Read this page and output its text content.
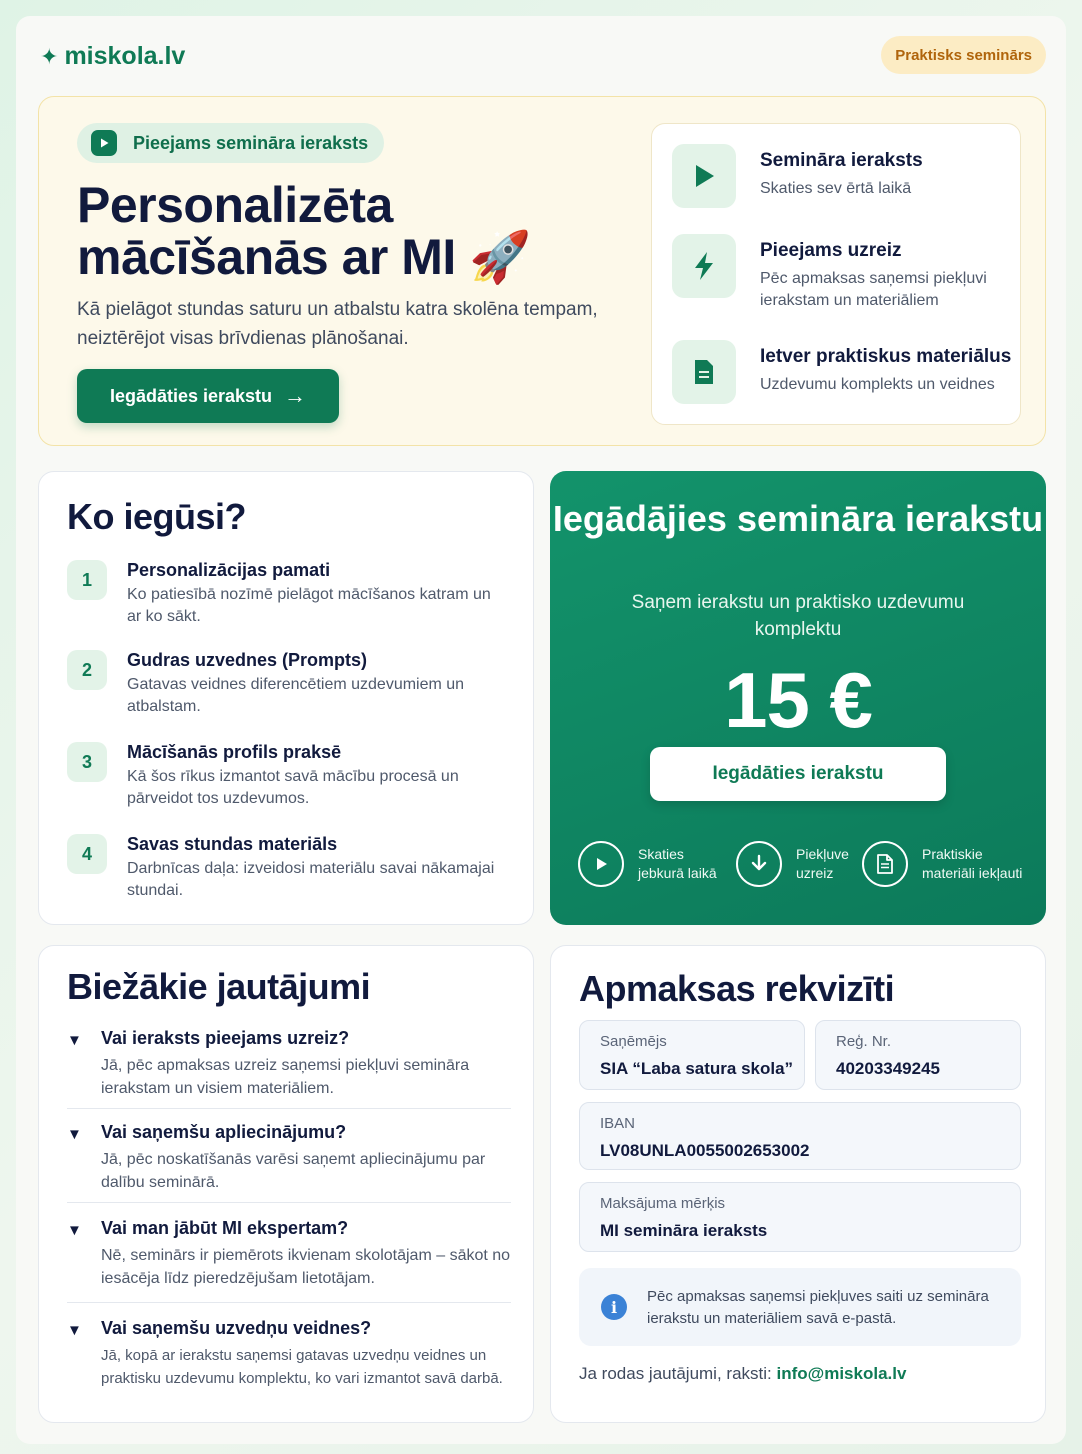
✦ miskola.lv	Praktisks seminārs
Pieejams semināra ieraksts
Personalizēta mācīšanās ar MI 🚀

Kā pielāgot stundas saturu un atbalstu katra skolēna tempam, neiztērējot visas brīvdienas plānošanai.

Iegādāties ierakstu →
Semināra ieraksts
Skaties sev ērtā laikā
Pieejams uzreiz
Pēc apmaksas saņemsi piekļuvi ierakstam un materiāliem
Ietver praktiskus materiālus
Uzdevumu komplekts un veidnes
Ko iegūsi?
1	Personalizācijas pamati
Ko patiesībā nozīmē pielāgot mācīšanos katram un ar ko sākt.
2	Gudras uzvednes (Prompts)
Gatavas veidnes diferencētiem uzdevumiem un atbalstam.
3	Mācīšanās profils praksē
Kā šos rīkus izmantot savā mācību procesā un pārveidot tos uzdevumos.
4	Savas stundas materiāls
Darbnīcas daļa: izveidosi materiālu savai nākamajai stundai.
Iegādājies semināra ierakstu

Saņem ierakstu un praktisko uzdevumu komplektu

15 €
Iegādāties ierakstu
Skaties jebkurā laikā
Piekļuve uzreiz
Praktiskie materiāli iekļauti
Biežākie jautājumi
▼ Vai ieraksts pieejams uzreiz?
Jā, pēc apmaksas uzreiz saņemsi piekļuvi semināra ierakstam un visiem materiāliem.
▼ Vai saņemšu apliecinājumu?
Jā, pēc noskatīšanās varēsi saņemt apliecinājumu par dalību seminārā.
▼ Vai man jābūt MI ekspertam?
Nē, seminārs ir piemērots ikvienam skolotājam – sākot no iesācēja līdz pieredzējušam lietotājam.
▼ Vai saņemšu uzvedņu veidnes?
Jā, kopā ar ierakstu saņemsi gatavas uzvedņu veidnes un praktisku uzdevumu komplektu, ko vari izmantot savā darbā.
Apmaksas rekvizīti
Saņēmējs
SIA “Laba satura skola”
Reģ. Nr.
40203349245
IBAN
LV08UNLA0055002653002
Maksājuma mērķis
MI semināra ieraksts
i
Pēc apmaksas saņemsi piekļuves saiti uz semināra ierakstu un materiāliem savā e-pastā.
Ja rodas jautājumi, raksti: info@miskola.lv
